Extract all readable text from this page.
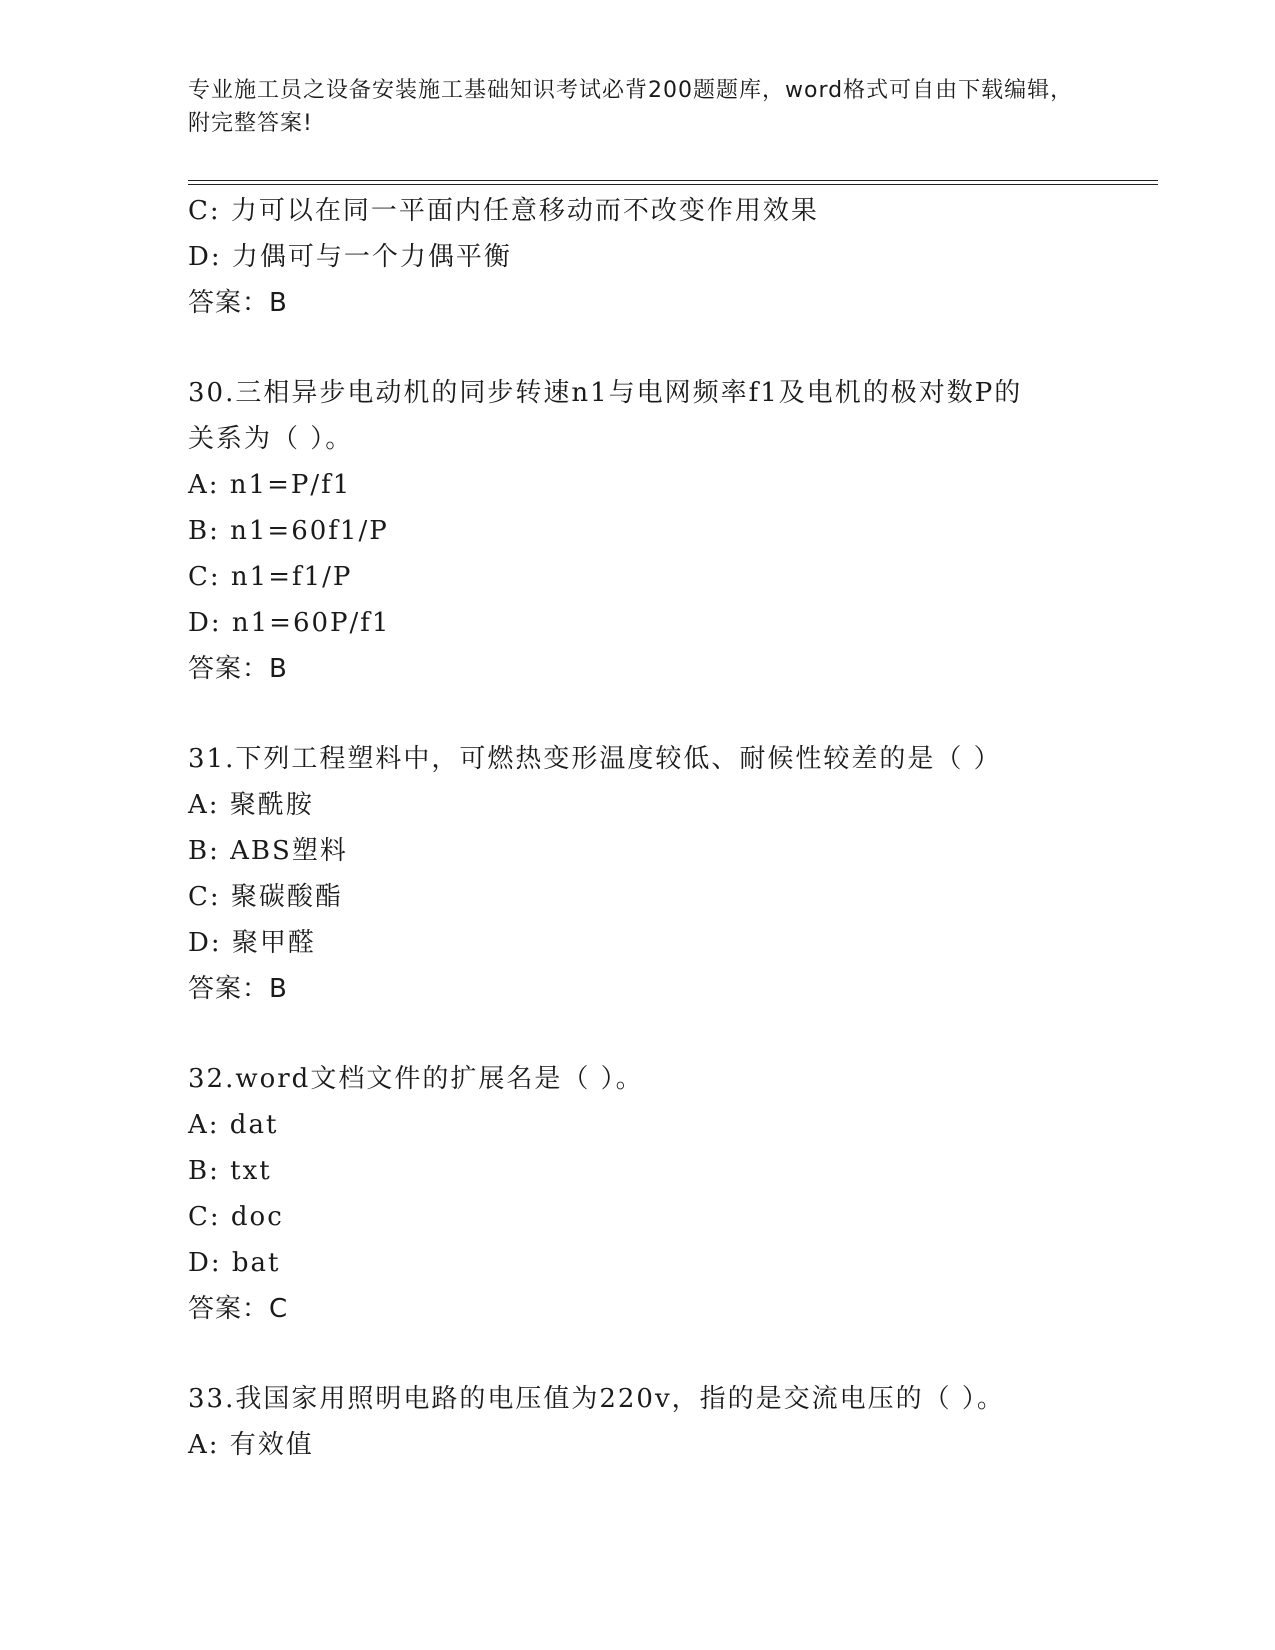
专业施工员之设备安装施工基础知识考试必背200题题库，word格式可自由下载编辑，附完整答案!
C: 力可以在同一平面内任意移动而不改变作用效果
D: 力偶可与一个力偶平衡
答案：B
30.三相异步电动机的同步转速n1与电网频率f1及电机的极对数P的
关系为（ ）。
A: n1=P/f1
B: n1=60f1/P
C: n1=f1/P
D: n1=60P/f1
答案：B
31.下列工程塑料中，可燃热变形温度较低、耐候性较差的是（ ）
A: 聚酰胺
B: ABS塑料
C: 聚碳酸酯
D: 聚甲醛
答案：B
32.word文档文件的扩展名是（ ）。
A: dat
B: txt
C: doc
D: bat
答案：C
33.我国家用照明电路的电压值为220v，指的是交流电压的（ ）。
A: 有效值
